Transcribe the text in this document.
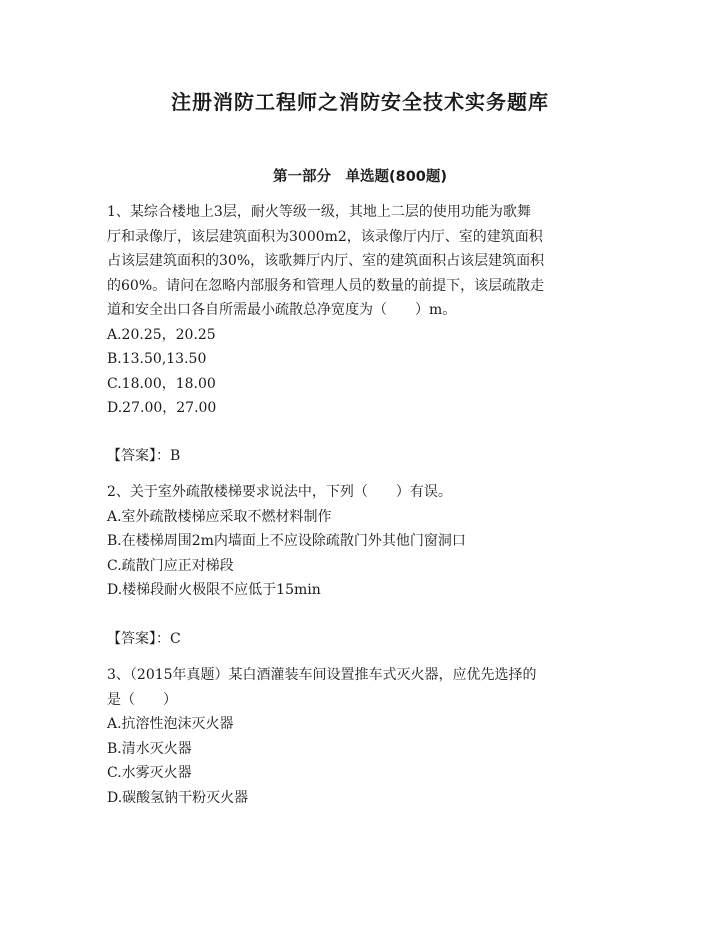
注册消防工程师之消防安全技术实务题库
第一部分　单选题(800题)
1、某综合楼地上3层，耐火等级一级，其地上二层的使用功能为歌舞
厅和录像厅，该层建筑面积为3000m2，该录像厅内厅、室的建筑面积
占该层建筑面积的30%，该歌舞厅内厅、室的建筑面积占该层建筑面积
的60%。请问在忽略内部服务和管理人员的数量的前提下，该层疏散走
道和安全出口各自所需最小疏散总净宽度为（　　）m。
A.20.25，20.25
B.13.50,13.50
C.18.00，18.00
D.27.00，27.00
【答案】：B
2、关于室外疏散楼梯要求说法中，下列（　　）有误。
A.室外疏散楼梯应采取不燃材料制作
B.在楼梯周围2m内墙面上不应设除疏散门外其他门窗洞口
C.疏散门应正对梯段
D.楼梯段耐火极限不应低于15min
【答案】：C
3、（2015年真题）某白酒灌装车间设置推车式灭火器，应优先选择的
是（　　）
A.抗溶性泡沫灭火器
B.清水灭火器
C.水雾灭火器
D.碳酸氢钠干粉灭火器
